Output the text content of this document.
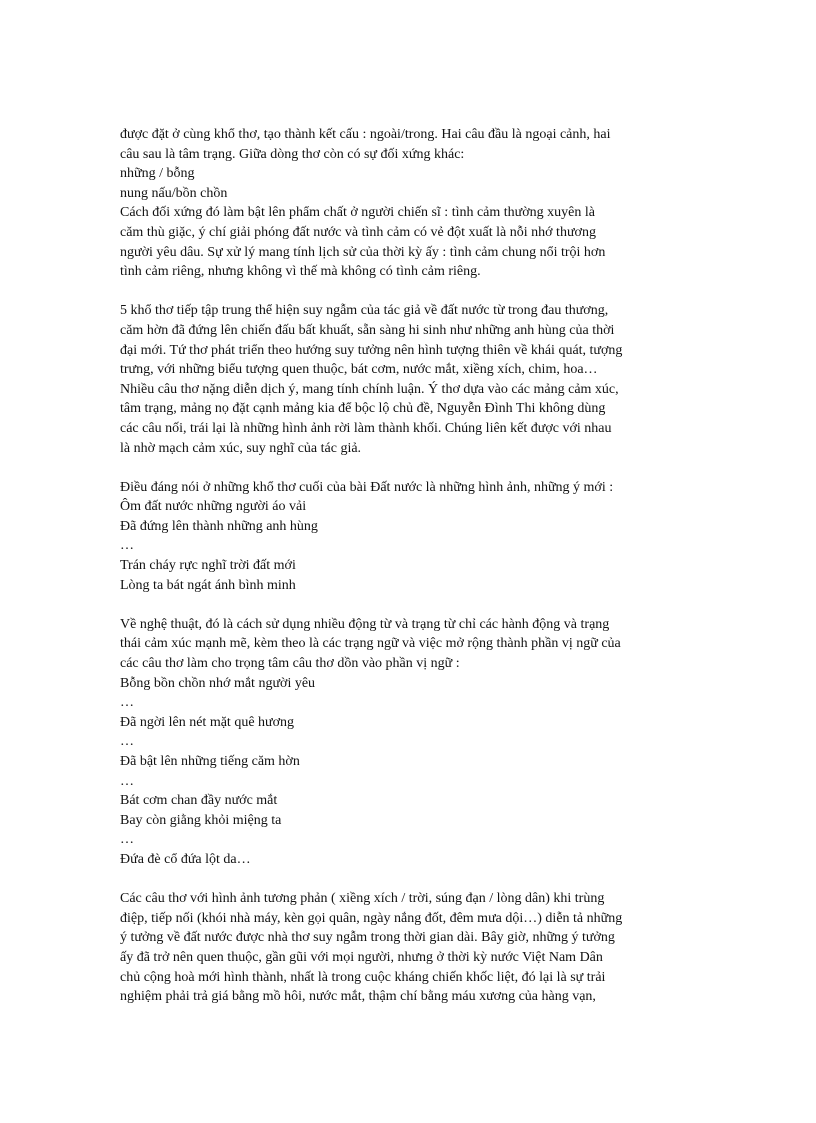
được đặt ở cùng khổ thơ, tạo thành kết cấu : ngoài/trong. Hai câu đầu là ngoại cảnh, hai
câu sau là tâm trạng. Giữa dòng thơ còn có sự đối xứng khác:
những / bỗng
nung nấu/bồn chồn
Cách đối xứng đó làm bật lên phẩm chất ở người chiến sĩ : tình cảm thường xuyên là
căm thù giặc, ý chí giải phóng đất nước và tình cảm có vẻ đột xuất là nỗi nhớ thương
người yêu dâu. Sự xử lý mang tính lịch sử của thời kỳ ấy : tình cảm chung nổi trội hơn
tình cảm riêng, nhưng không vì thế mà không có tình cảm riêng.
5 khổ thơ tiếp tập trung thể hiện suy ngẫm của tác giả về đất nước từ trong đau thương,
căm hờn đã đứng lên chiến đấu bất khuất, sẵn sàng hi sinh như những anh hùng của thời
đại mới. Tứ thơ phát triển theo hướng suy tưởng nên hình tượng thiên về khái quát, tượng
trưng, với những biểu tượng quen thuộc, bát cơm, nước mắt, xiềng xích, chim, hoa…
Nhiều câu thơ nặng diễn dịch ý, mang tính chính luận. Ý thơ dựa vào các mảng cảm xúc,
tâm trạng, mảng nọ đặt cạnh mảng kia để bộc lộ chủ đề, Nguyễn Đình Thi không dùng
các câu nối, trái lại là những hình ảnh rời làm thành khối. Chúng liên kết được với nhau
là nhờ mạch cảm xúc, suy nghĩ của tác giả.
Điều đáng nói ở những khổ thơ cuối của bài Đất nước là những hình ảnh, những ý mới :
Ôm đất nước những người áo vải
Đã đứng lên thành những anh hùng
…
Trán cháy rực nghĩ trời đất mới
Lòng ta bát ngát ánh bình minh
Về nghệ thuật, đó là cách sử dụng nhiều động từ và trạng từ chỉ các hành động và trạng
thái cảm xúc mạnh mẽ, kèm theo là các trạng ngữ và việc mở rộng thành phần vị ngữ của
các câu thơ làm cho trọng tâm câu thơ dồn vào phần vị ngữ :
Bỗng bồn chồn nhớ mắt người yêu
…
Đã ngời lên nét mặt quê hương
…
Đã bật lên những tiếng căm hờn
…
Bát cơm chan đầy nước mắt
Bay còn giằng khỏi miệng ta
…
Đứa đè cổ đứa lột da…
Các câu thơ với hình ảnh tương phản ( xiềng xích / trời, súng đạn / lòng dân) khi trùng
điệp, tiếp nối (khói nhà máy, kèn gọi quân, ngày nắng đốt, đêm mưa dội…) diễn tả những
ý tưởng về đất nước được nhà thơ suy ngẫm trong thời gian dài. Bây giờ, những ý tưởng
ấy đã trở nên quen thuộc, gần gũi với mọi người, nhưng ở thời kỳ nước Việt Nam Dân
chủ cộng hoà mới hình thành, nhất là trong cuộc kháng chiến khốc liệt, đó lại là sự trải
nghiệm phải trả giá bằng mồ hôi, nước mắt, thậm chí bằng máu xương của hàng vạn,
